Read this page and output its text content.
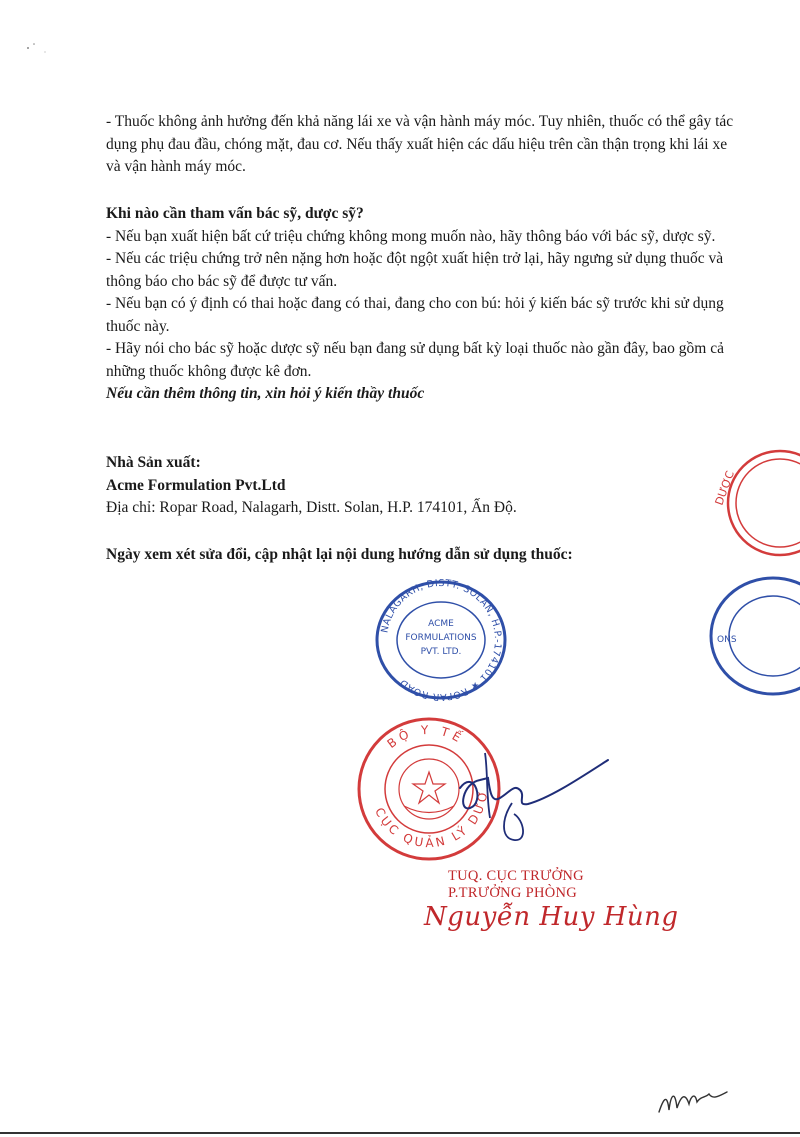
- Thuốc không ảnh hưởng đến khả năng lái xe và vận hành máy móc. Tuy nhiên, thuốc có thể gây tác dụng phụ đau đầu, chóng mặt, đau cơ. Nếu thấy xuất hiện các dấu hiệu trên cần thận trọng khi lái xe và vận hành máy móc.

Khi nào cần tham vấn bác sỹ, dược sỹ?

- Nếu bạn xuất hiện bất cứ triệu chứng không mong muốn nào, hãy thông báo với bác sỹ, dược sỹ.

- Nếu các triệu chứng trở nên nặng hơn hoặc đột ngột xuất hiện trở lại, hãy ngưng sử dụng thuốc và thông báo cho bác sỹ để được tư vấn.

- Nếu bạn có ý định có thai hoặc đang có thai, đang cho con bú: hỏi ý kiến bác sỹ trước khi sử dụng thuốc này.

- Hãy nói cho bác sỹ hoặc dược sỹ nếu bạn đang sử dụng bất kỳ loại thuốc nào gần đây, bao gồm cả những thuốc không được kê đơn.

Nếu cần thêm thông tin, xin hỏi ý kiến thầy thuốc

Nhà Sản xuất:

Acme Formulation Pvt.Ltd

Địa chỉ: Ropar Road, Nalagarh, Distt. Solan, H.P. 174101, Ấn Độ.

Ngày xem xét sửa đổi, cập nhật lại nội dung hướng dẫn sử dụng thuốc:

DƯỢC
NALAGARH, DISTT. SOLAN, H.P.-174101 ★ ROPAR ROAD
ACME
FORMULATIONS
PVT. LTD.
ONS
BỘ Y TẾ
CỤC QUẢN LÝ DƯỢC
TUQ. CỤC TRƯỞNG
P.TRƯỞNG PHÒNG
Nguyễn Huy Hùng
